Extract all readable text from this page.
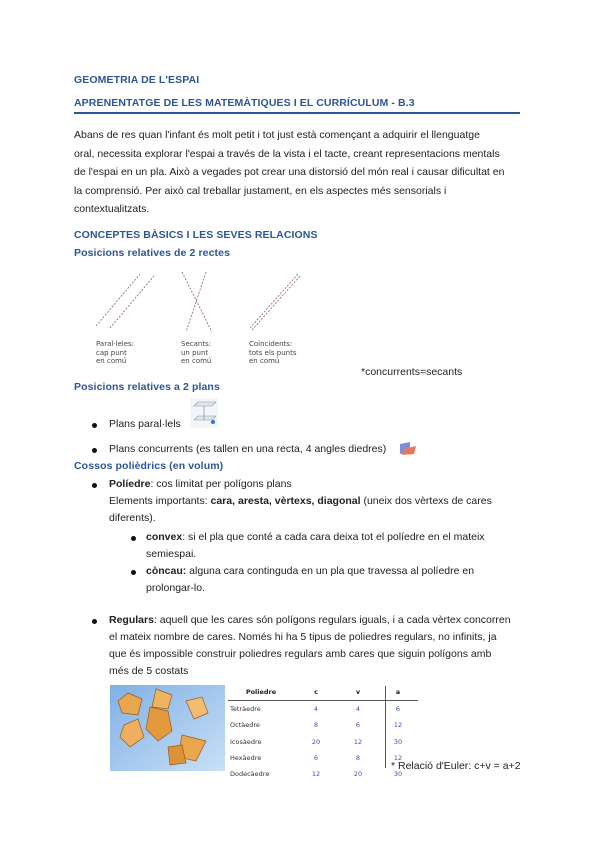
GEOMETRIA DE L'ESPAI
APRENENTATGE DE LES MATEMÀTIQUES I EL CURRÍCULUM - B.3
Abans de res quan l'infant és molt petit i tot just està començant a adquirir el llenguatge
oral, necessita explorar l'espai a través de la vista i el tacte, creant representacions mentals
de l'espai en un pla. Això a vegades pot crear una distorsió del món real i causar dificultat en
la comprensió. Per això cal treballar justament, en els aspectes més sensorials i
contextualitzats.
CONCEPTES BÀSICS I LES SEVES RELACIONS
Posicions relatives de 2 rectes
Paral·leles:
cap punt
en comú
Secants:
un punt
en comú
Coincidents:
tots els punts
en comú
*concurrents=secants
Posicions relatives a 2 plans
Plans paral·lels
Plans concurrents (es tallen en una recta, 4 angles diedres)
Cossos polièdrics (en volum)
Políedre: cos limitat per polígons plans
Elements importants: cara, aresta, vèrtexs, diagonal (uneix dos vèrtexs de cares
diferents).
convex: si el pla que conté a cada cara deixa tot el políedre en el mateix
semiespai.
còncau: alguna cara continguda en un pla que travessa al políedre en
prolongar-lo.
Regulars: aquell que les cares són polígons regulars iguals, i a cada vèrtex concorren
el mateix nombre de cares. Només hi ha 5 tipus de poliedres regulars, no infinits, ja
que és impossible construir poliedres regulars amb cares que siguin polígons amb
més de 5 costats
Poliedre	c	v	a
Tetràedre	4	4	6
Octàedre	8	6	12
Icosàedre	20	12	30
Hexàedre	6	8	12
Dodecàedre	12	20	30
* Relació d'Euler: c+v = a+2
